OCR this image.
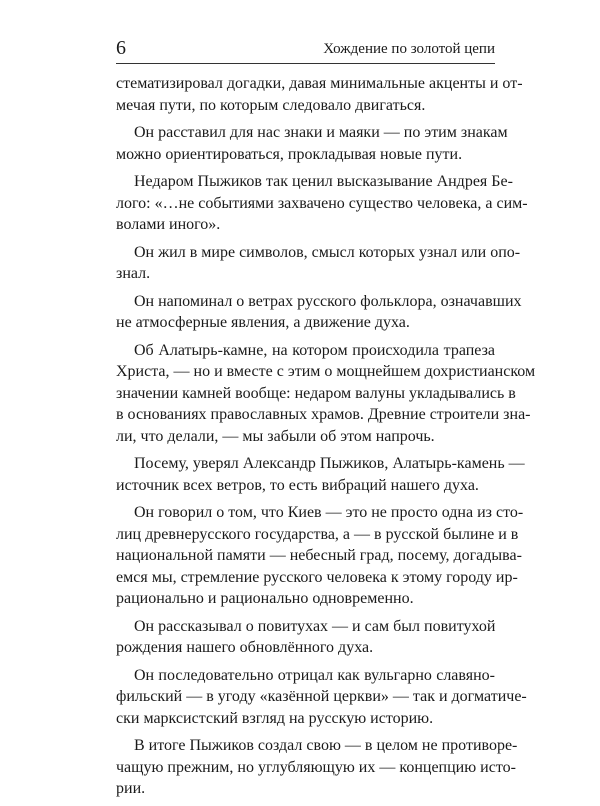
6	Хождение по золотой цепи

стематизировал догадки, давая минимальные акценты и от-
мечая пути, по которым следовало двигаться.

Он расставил для нас знаки и маяки — по этим знакам
можно ориентироваться, прокладывая новые пути.

Недаром Пыжиков так ценил высказывание Андрея Бе-
лого: «…не событиями захвачено существо человека, а сим-
волами иного».

Он жил в мире символов, смысл которых узнал или опо-
знал.

Он напоминал о ветрах русского фольклора, означавших
не атмосферные явления, а движение духа.

Об Алатырь-камне, на котором происходила трапеза
Христа, — но и вместе с этим о мощнейшем дохристианском
значении камней вообще: недаром валуны укладывались в
в основаниях православных храмов. Древние строители зна-
ли, что делали, — мы забыли об этом напрочь.

Посему, уверял Александр Пыжиков, Алатырь-камень —
источник всех ветров, то есть вибраций нашего духа.

Он говорил о том, что Киев — это не просто одна из сто-
лиц древнерусского государства, а — в русской былине и в
национальной памяти — небесный град, посему, догадыва-
емся мы, стремление русского человека к этому городу ир-
рационально и рационально одновременно.

Он рассказывал о повитухах — и сам был повитухой
рождения нашего обновлённого духа.

Он последовательно отрицал как вульгарно славяно-
фильский — в угоду «казённой церкви» — так и догматиче-
ски марксистский взгляд на русскую историю.

В итоге Пыжиков создал свою — в целом не противоре-
чащую прежним, но углубляющую их — концепцию исто-
рии.
